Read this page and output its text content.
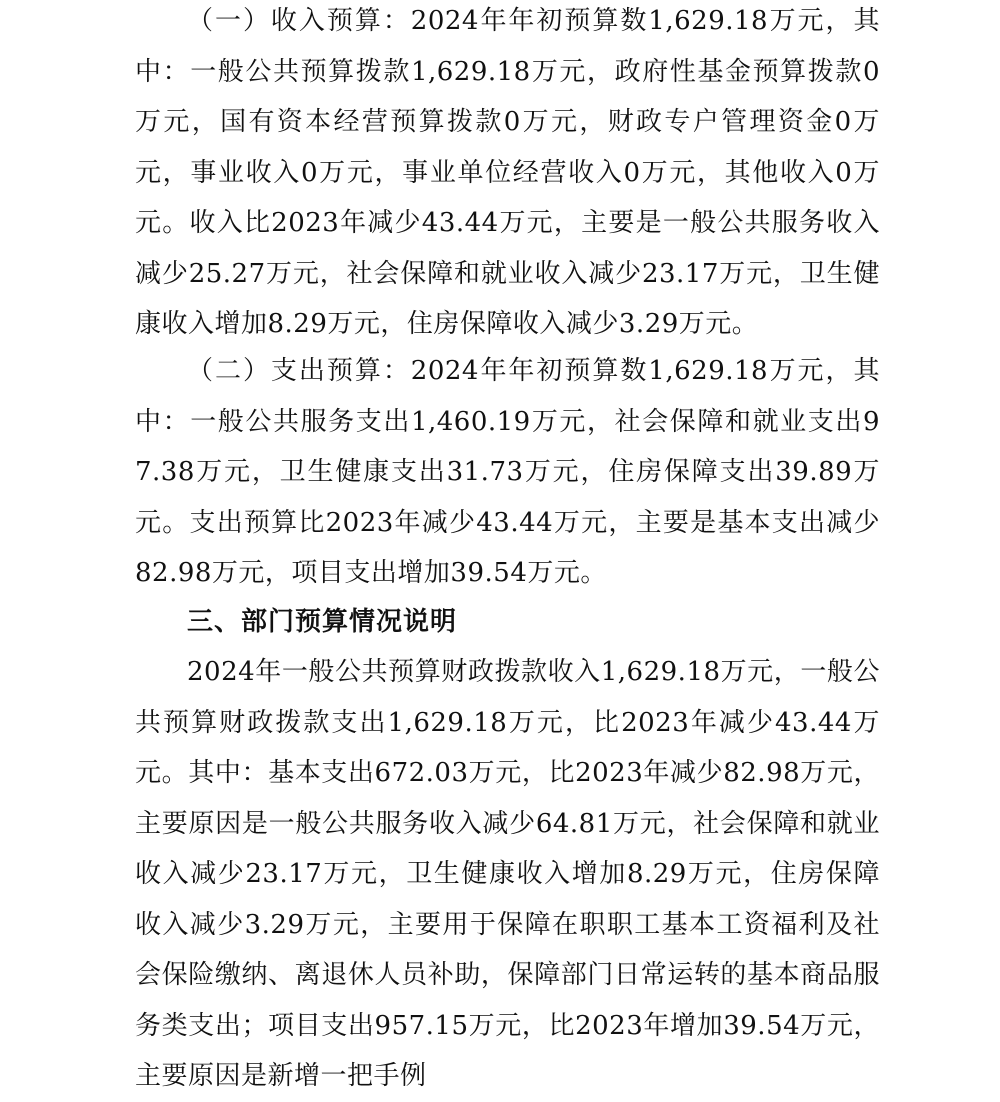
（一）收入预算：2024年年初预算数1,629.18万元，其中：一般公共预算拨款1,629.18万元，政府性基金预算拨款0万元，国有资本经营预算拨款0万元，财政专户管理资金0万元，事业收入0万元，事业单位经营收入0万元，其他收入0万元。收入比2023年减少43.44万元，主要是一般公共服务收入减少25.27万元，社会保障和就业收入减少23.17万元，卫生健康收入增加8.29万元，住房保障收入减少3.29万元。

（二）支出预算：2024年年初预算数1,629.18万元，其中：一般公共服务支出1,460.19万元，社会保障和就业支出97.38万元，卫生健康支出31.73万元，住房保障支出39.89万元。支出预算比2023年减少43.44万元，主要是基本支出减少82.98万元，项目支出增加39.54万元。

三、部门预算情况说明

2024年一般公共预算财政拨款收入1,629.18万元，一般公共预算财政拨款支出1,629.18万元，比2023年减少43.44万元。其中：基本支出672.03万元，比2023年减少82.98万元，主要原因是一般公共服务收入减少64.81万元，社会保障和就业收入减少23.17万元，卫生健康收入增加8.29万元，住房保障收入减少3.29万元，主要用于保障在职职工基本工资福利及社会保险缴纳、离退休人员补助，保障部门日常运转的基本商品服务类支出；项目支出957.15万元，比2023年增加39.54万元，主要原因是新增一把手例
